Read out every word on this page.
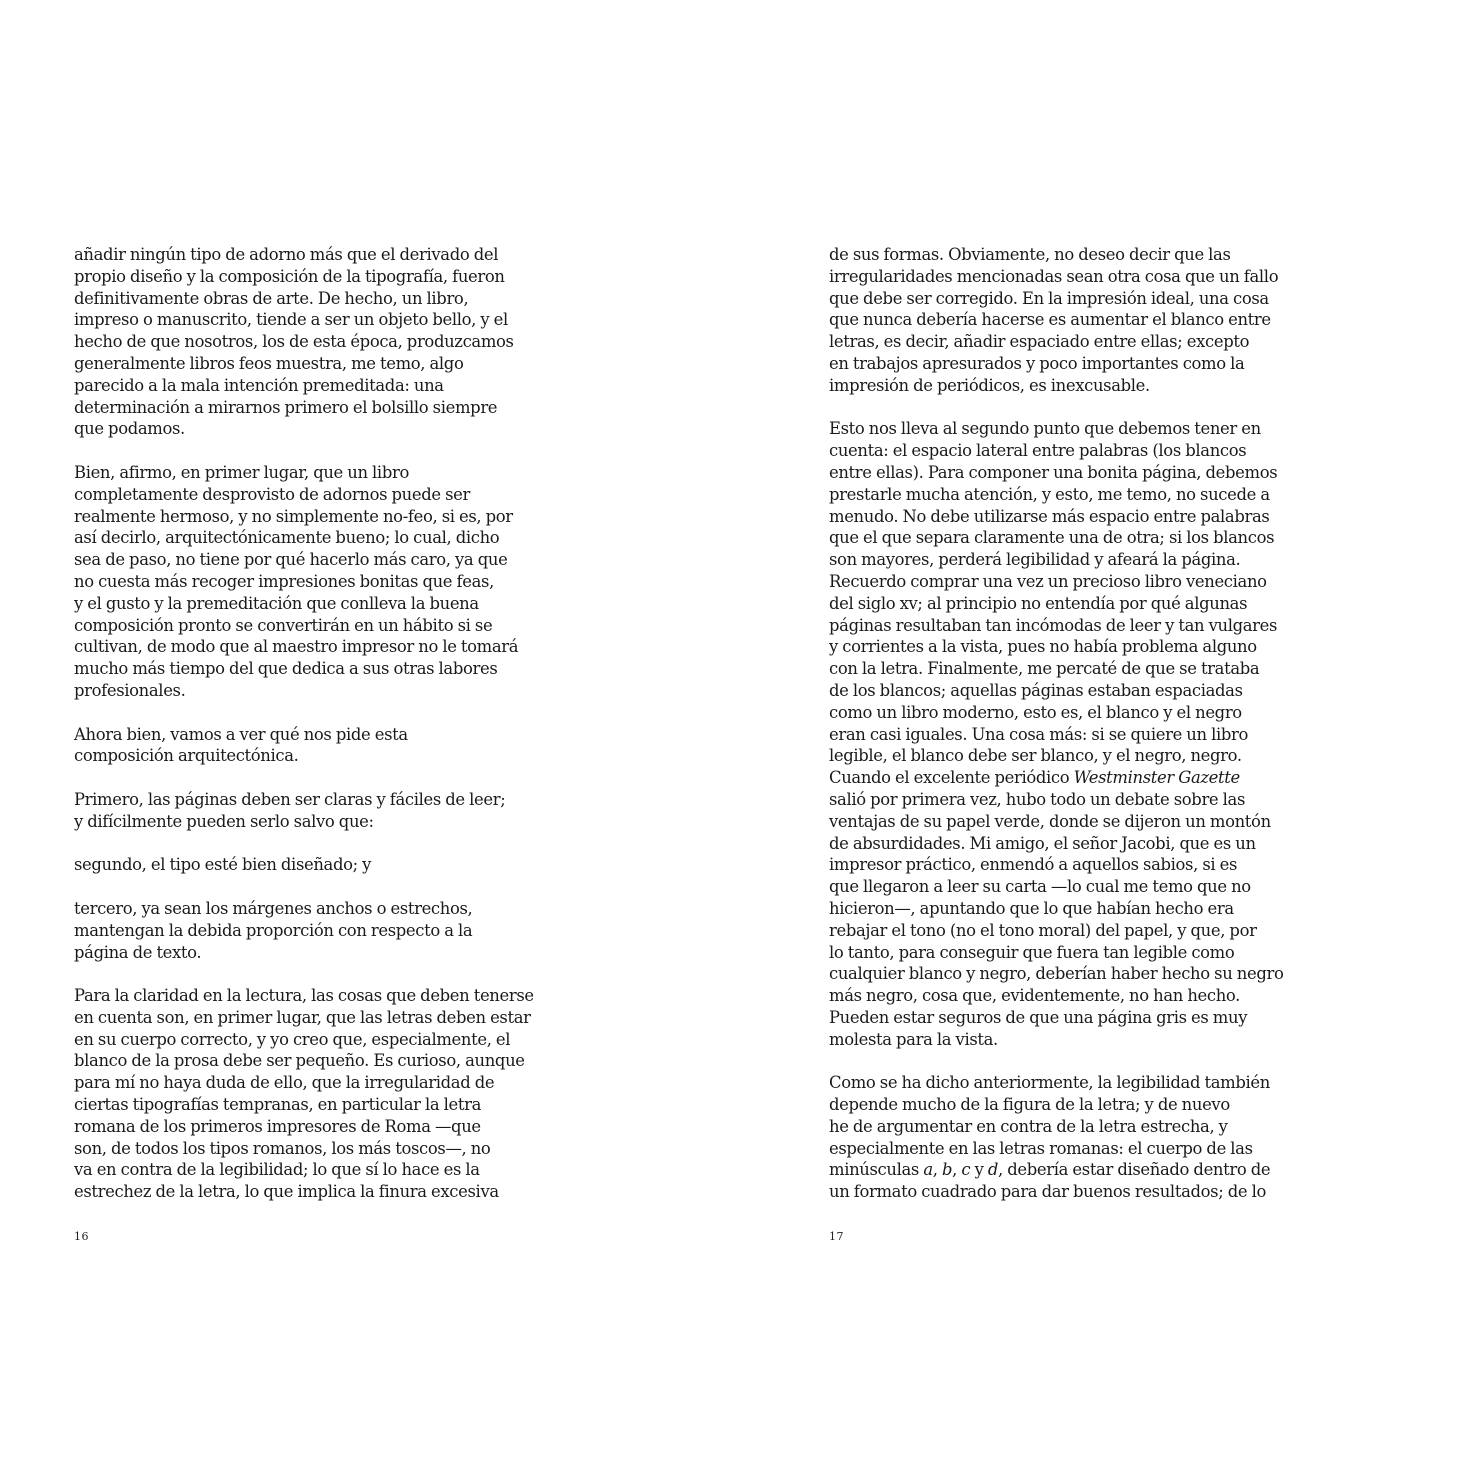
añadir ningún tipo de adorno más que el derivado del
propio diseño y la composición de la tipografía, fueron
definitivamente obras de arte. De hecho, un libro,
impreso o manuscrito, tiende a ser un objeto bello, y el
hecho de que nosotros, los de esta época, produzcamos
generalmente libros feos muestra, me temo, algo
parecido a la mala intención premeditada: una
determinación a mirarnos primero el bolsillo siempre
que podamos.

Bien, afirmo, en primer lugar, que un libro
completamente desprovisto de adornos puede ser
realmente hermoso, y no simplemente no-feo, si es, por
así decirlo, arquitectónicamente bueno; lo cual, dicho
sea de paso, no tiene por qué hacerlo más caro, ya que
no cuesta más recoger impresiones bonitas que feas,
y el gusto y la premeditación que conlleva la buena
composición pronto se convertirán en un hábito si se
cultivan, de modo que al maestro impresor no le tomará
mucho más tiempo del que dedica a sus otras labores
profesionales.

Ahora bien, vamos a ver qué nos pide esta
composición arquitectónica.

Primero, las páginas deben ser claras y fáciles de leer;
y difícilmente pueden serlo salvo que:

segundo, el tipo esté bien diseñado; y

tercero, ya sean los márgenes anchos o estrechos,
mantengan la debida proporción con respecto a la
página de texto.

Para la claridad en la lectura, las cosas que deben tenerse
en cuenta son, en primer lugar, que las letras deben estar
en su cuerpo correcto, y yo creo que, especialmente, el
blanco de la prosa debe ser pequeño. Es curioso, aunque
para mí no haya duda de ello, que la irregularidad de
ciertas tipografías tempranas, en particular la letra
romana de los primeros impresores de Roma —que
son, de todos los tipos romanos, los más toscos—, no
va en contra de la legibilidad; lo que sí lo hace es la
estrechez de la letra, lo que implica la finura excesiva

16

de sus formas. Obviamente, no deseo decir que las
irregularidades mencionadas sean otra cosa que un fallo
que debe ser corregido. En la impresión ideal, una cosa
que nunca debería hacerse es aumentar el blanco entre
letras, es decir, añadir espaciado entre ellas; excepto
en trabajos apresurados y poco importantes como la
impresión de periódicos, es inexcusable.

Esto nos lleva al segundo punto que debemos tener en
cuenta: el espacio lateral entre palabras (los blancos
entre ellas). Para componer una bonita página, debemos
prestarle mucha atención, y esto, me temo, no sucede a
menudo. No debe utilizarse más espacio entre palabras
que el que separa claramente una de otra; si los blancos
son mayores, perderá legibilidad y afeará la página.
Recuerdo comprar una vez un precioso libro veneciano
del siglo xv; al principio no entendía por qué algunas
páginas resultaban tan incómodas de leer y tan vulgares
y corrientes a la vista, pues no había problema alguno
con la letra. Finalmente, me percaté de que se trataba
de los blancos; aquellas páginas estaban espaciadas
como un libro moderno, esto es, el blanco y el negro
eran casi iguales. Una cosa más: si se quiere un libro
legible, el blanco debe ser blanco, y el negro, negro.
Cuando el excelente periódico Westminster Gazette
salió por primera vez, hubo todo un debate sobre las
ventajas de su papel verde, donde se dijeron un montón
de absurdidades. Mi amigo, el señor Jacobi, que es un
impresor práctico, enmendó a aquellos sabios, si es
que llegaron a leer su carta —lo cual me temo que no
hicieron—, apuntando que lo que habían hecho era
rebajar el tono (no el tono moral) del papel, y que, por
lo tanto, para conseguir que fuera tan legible como
cualquier blanco y negro, deberían haber hecho su negro
más negro, cosa que, evidentemente, no han hecho.
Pueden estar seguros de que una página gris es muy
molesta para la vista.

Como se ha dicho anteriormente, la legibilidad también
depende mucho de la figura de la letra; y de nuevo
he de argumentar en contra de la letra estrecha, y
especialmente en las letras romanas: el cuerpo de las
minúsculas a, b, c y d, debería estar diseñado dentro de
un formato cuadrado para dar buenos resultados; de lo

17
